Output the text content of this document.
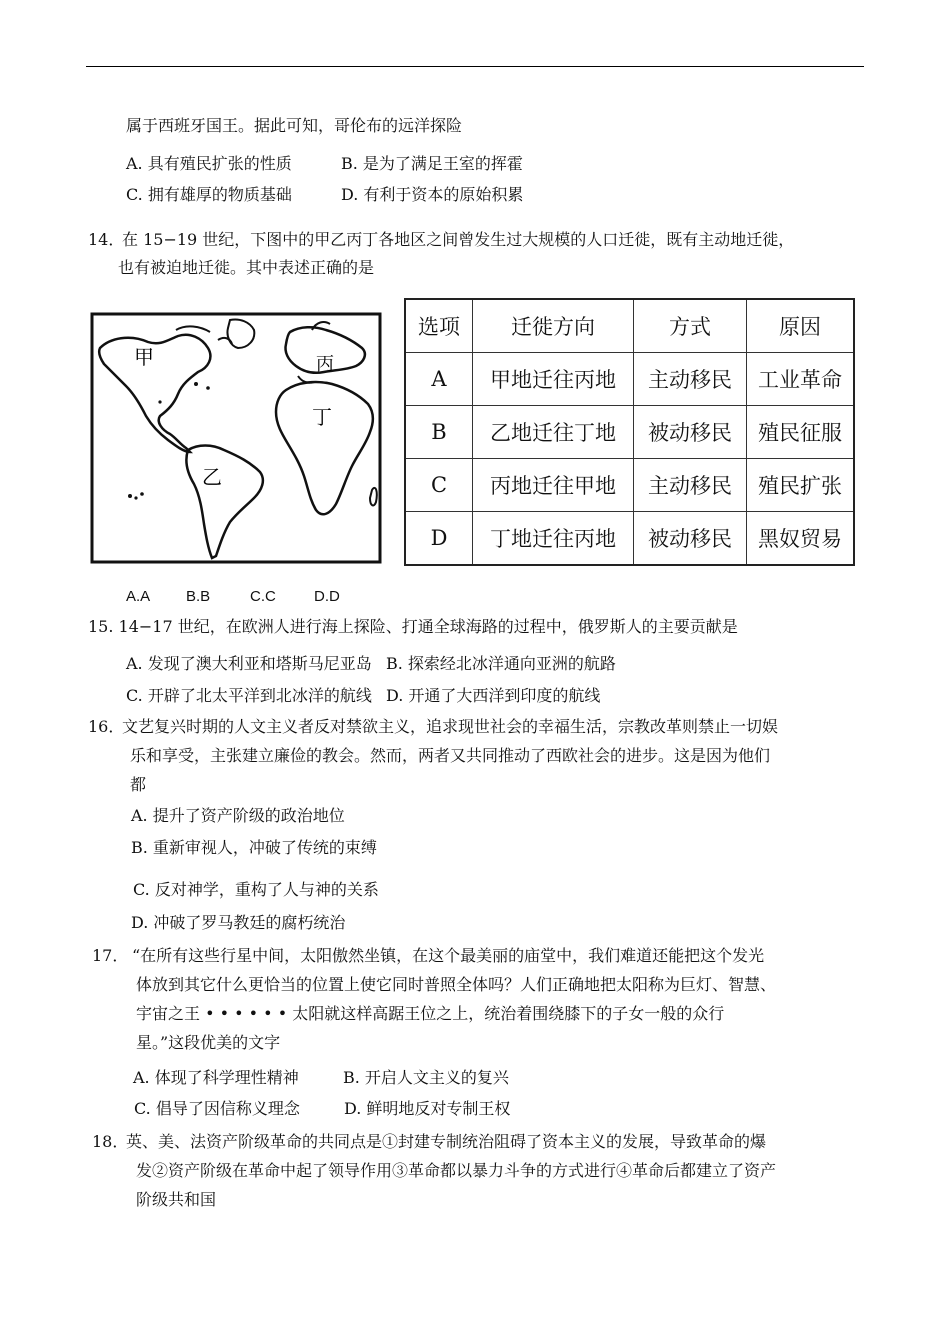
属于西班牙国王。据此可知，哥伦布的远洋探险
A. 具有殖民扩张的性质	B. 是为了满足王室的挥霍
C. 拥有雄厚的物质基础	D. 有利于资本的原始积累
14．
在 15−19 世纪，下图中的甲乙丙丁各地区之间曾发生过大规模的人口迁徙，既有主动地迁徙，
也有被迫地迁徙。其中表述正确的是
甲
乙
丙
丁
选项	迁徙方向	方式	原因
A	甲地迁往丙地	主动移民	工业革命
B	乙地迁往丁地	被动移民	殖民征服
C	丙地迁往甲地	主动移民	殖民扩张
D	丁地迁往丙地	被动移民	黑奴贸易
A.A B.B	C.C	D.D
15. 14−17 世纪，在欧洲人进行海上探险、打通全球海路的过程中，俄罗斯人的主要贡献是
A. 发现了澳大利亚和塔斯马尼亚岛 B. 探索经北冰洋通向亚洲的航路
C. 开辟了北太平洋到北冰洋的航线 D. 开通了大西洋到印度的航线
16．
文艺复兴时期的人文主义者反对禁欲主义，追求现世社会的幸福生活，宗教改革则禁止一切娱
乐和享受，主张建立廉俭的教会。然而，两者又共同推动了西欧社会的进步。这是因为他们
都
A. 提升了资产阶级的政治地位
B. 重新审视人，冲破了传统的束缚
C. 反对神学，重构了人与神的关系
D. 冲破了罗马教廷的腐朽统治
17． “在所有这些行星中间，太阳傲然坐镇，在这个最美丽的庙堂中，我们难道还能把这个发光
体放到其它什么更恰当的位置上使它同时普照全体吗？人们正确地把太阳称为巨灯、智慧、
宇宙之王 • • • • • • 太阳就这样高踞王位之上，统治着围绕膝下的子女一般的众行
星。”这段优美的文字
A. 体现了科学理性精神	B. 开启人文主义的复兴
C. 倡导了因信称义理念	D. 鲜明地反对专制王权
18．
英、美、法资产阶级革命的共同点是①封建专制统治阻碍了资本主义的发展，导致革命的爆
发②资产阶级在革命中起了领导作用③革命都以暴力斗争的方式进行④革命后都建立了资产
阶级共和国
